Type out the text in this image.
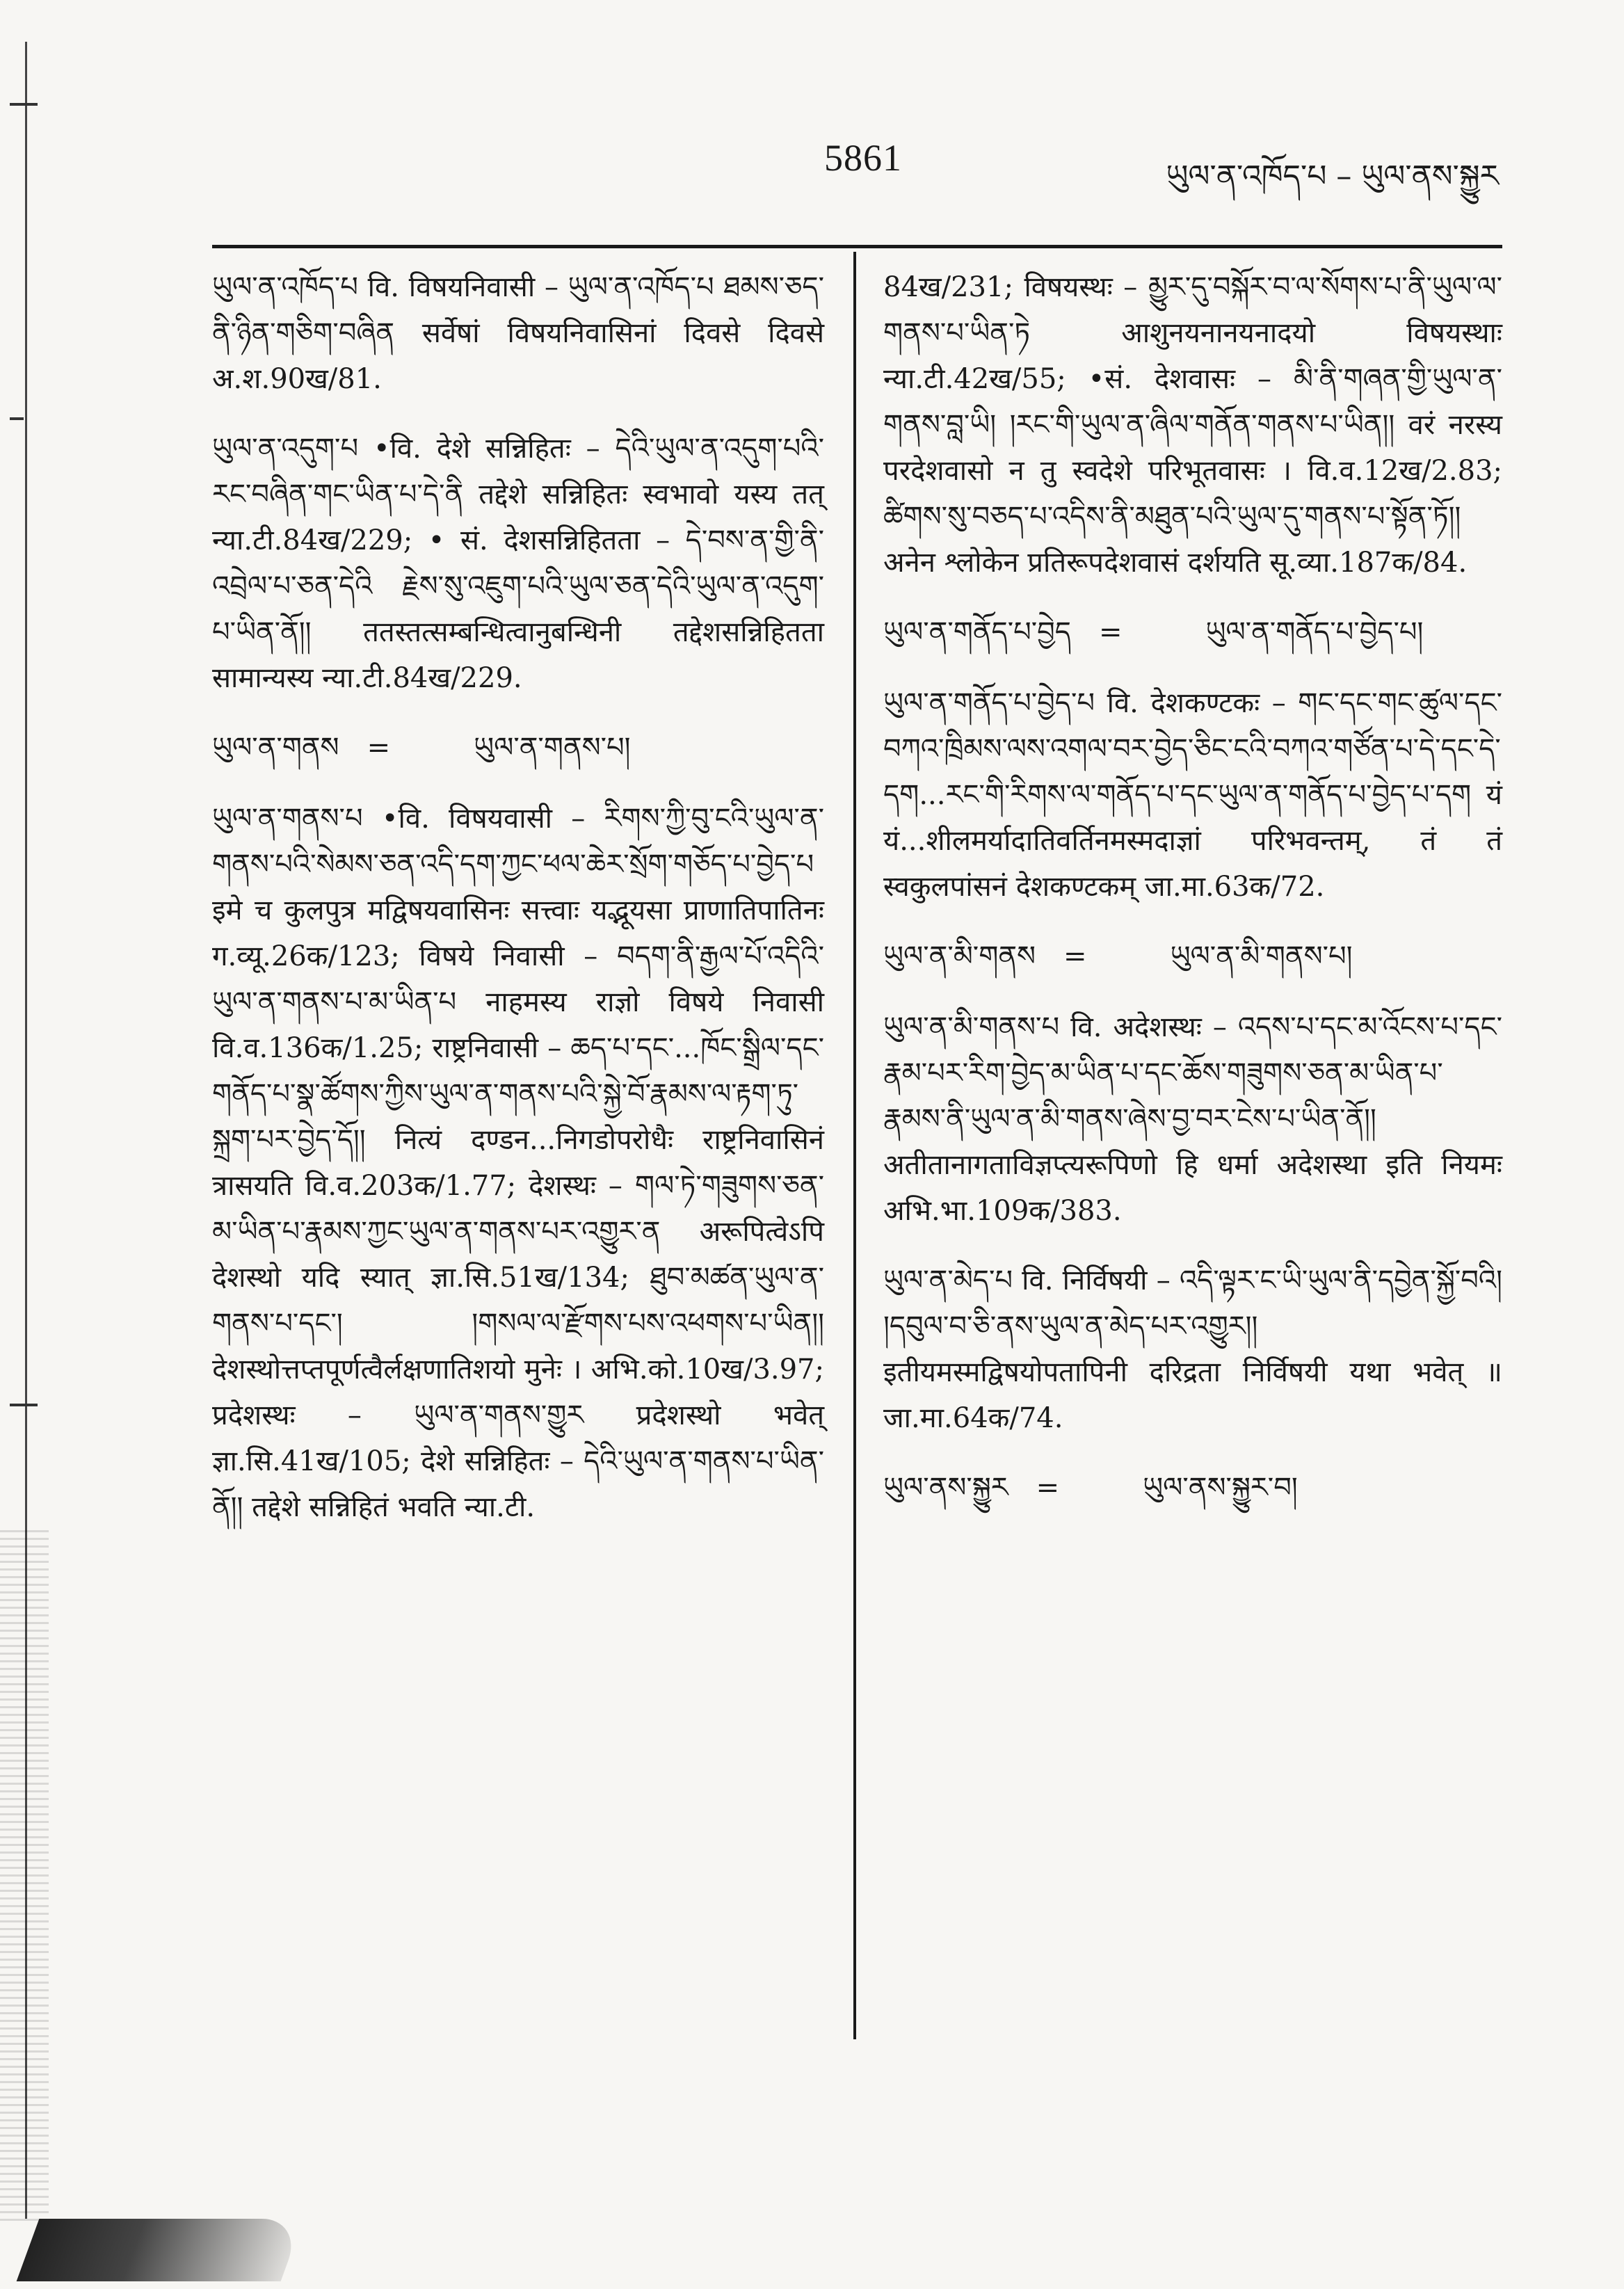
5861	ཡུལ་ན་འཁོད་པ – ཡུལ་ནས་སྐྱུར
ཡུལ་ན་འཁོད་པ वि. विषयनिवासी – ཡུལ་ན་འཁོད་པ ཐམས་ཅད་ནི་ཉིན་གཅིག་བཞིན सर्वेषां विषयनिवासिनां दिवसे दिवसे अ.श.90ख/81.
ཡུལ་ན་འདུག་པ •वि. देशे सन्निहितः – དེའི་ཡུལ་ན་འདུག་པའི་རང་བཞིན་གང་ཡིན་པ་དེ་ནི तद्देशे सन्निहितः स्वभावो यस्य तत् न्या.टी.84ख/229; • सं. देशसन्निहितता – དེ་བས་ན་གྱི་ནི་འབྲེལ་པ་ཅན་དེའི རྗེས་སུ་འཇུག་པའི་ཡུལ་ཅན་དེའི་ཡུལ་ན་འདུག་པ་ཡིན་ནོ།། ततस्तत्सम्बन्धित्वानुबन्धिनी तद्देशसन्निहितता सामान्यस्य न्या.टी.84ख/229.
ཡུལ་ན་གནས =	ཡུལ་ན་གནས་པ།
ཡུལ་ན་གནས་པ •वि. विषयवासी – རིགས་ཀྱི་བུ་ངའི་ཡུལ་ན་གནས་པའི་སེམས་ཅན་འདི་དག་ཀྱང་ཕལ་ཆེར་སྲོག་གཅོད་པ་བྱེད་པ इमे च कुलपुत्र मद्विषयवासिनः सत्त्वाः यद्भूयसा प्राणातिपातिनः ग.व्यू.26क/123; विषये निवासी – བདག་ནི་རྒྱལ་པོ་འདིའི་ཡུལ་ན་གནས་པ་མ་ཡིན་པ नाहमस्य राज्ञो विषये निवासी वि.व.136क/1.25; राष्ट्रनिवासी – ཆད་པ་དང་...ཁོང་སྒྲིལ་དང་གནོད་པ་སྣ་ཚོགས་ཀྱིས་ཡུལ་ན་གནས་པའི་སྐྱེ་བོ་རྣམས་ལ་རྟག་ཏུ་སྐྲག་པར་བྱེད་དོ།། नित्यं दण्डन...निगडोपरोधैः राष्ट्रनिवासिनं त्रासयति वि.व.203क/1.77; देशस्थः – གལ་ཏེ་གཟུགས་ཅན་མ་ཡིན་པ་རྣམས་ཀྱང་ཡུལ་ན་གནས་པར་འགྱུར་ན अरूपित्वेऽपि देशस्थो यदि स्यात् ज्ञा.सि.51ख/134; ཐུབ་མཚན་ཡུལ་ན་གནས་པ་དང་། །གསལ་ལ་རྫོགས་པས་འཕགས་པ་ཡིན།། देशस्थोत्तप्तपूर्णत्वैर्लक्षणातिशयो मुनेः । अभि.को.10ख/3.97; प्रदेशस्थः – ཡུལ་ན་གནས་གྱུར प्रदेशस्थो भवेत् ज्ञा.सि.41ख/105; देशे सन्निहितः – དེའི་ཡུལ་ན་གནས་པ་ཡིན་ནོ།། तद्देशे सन्निहितं भवति न्या.टी.
84ख/231; विषयस्थः – མྱུར་དུ་བསྐོར་བ་ལ་སོགས་པ་ནི་ཡུལ་ལ་གནས་པ་ཡིན་ཏེ आशुनयनानयनादयो विषयस्थाः न्या.टी.42ख/55; •सं. देशवासः – མི་ནི་གཞན་གྱི་ཡུལ་ན་གནས་བླ་ཡི། །རང་གི་ཡུལ་ན་ཞིལ་གནོན་གནས་པ་ཡིན།། वरं नरस्य परदेशवासो न तु स्वदेशे परिभूतवासः । वि.व.12ख/2.83; ཚིགས་སུ་བཅད་པ་འདིས་ནི་མཐུན་པའི་ཡུལ་དུ་གནས་པ་སྟོན་ཏོ།། अनेन श्लोकेन प्रतिरूपदेशवासं दर्शयति सू.व्या.187क/84.
ཡུལ་ན་གནོད་པ་བྱེད =	ཡུལ་ན་གནོད་པ་བྱེད་པ།
ཡུལ་ན་གནོད་པ་བྱེད་པ वि. देशकण्टकः – གང་དང་གང་ཚུལ་དང་བཀའ་ཁྲིམས་ལས་འགལ་བར་བྱེད་ཅིང་ངའི་བཀའ་གཙོན་པ་དེ་དང་དེ་དག...རང་གི་རིགས་ལ་གནོད་པ་དང་ཡུལ་ན་གནོད་པ་བྱེད་པ་དག यं यं...शीलमर्यादातिवर्तिनमस्मदाज्ञां परिभवन्तम्, तं तं स्वकुलपांसनं देशकण्टकम् जा.मा.63क/72.
ཡུལ་ན་མི་གནས =	ཡུལ་ན་མི་གནས་པ།
ཡུལ་ན་མི་གནས་པ वि. अदेशस्थः – འདས་པ་དང་མ་འོངས་པ་དང་རྣམ་པར་རིག་བྱེད་མ་ཡིན་པ་དང་ཆོས་གཟུགས་ཅན་མ་ཡིན་པ་རྣམས་ནི་ཡུལ་ན་མི་གནས་ཞེས་བྱ་བར་ངེས་པ་ཡིན་ནོ།། अतीतानागताविज्ञप्त्यरूपिणो हि धर्मा अदेशस्था इति नियमः अभि.भा.109क/383.
ཡུལ་ན་མེད་པ वि. निर्विषयी – འདི་ལྟར་ང་ཡི་ཡུལ་ནི་དབྱེན་སྐྱོ་བའི། །དབུལ་བ་ཅི་ནས་ཡུལ་ན་མེད་པར་འགྱུར།། इतीयमस्मद्विषयोपतापिनी दरिद्रता निर्विषयी यथा भवेत् ॥ जा.मा.64क/74.
ཡུལ་ནས་སྐྱུར =	ཡུལ་ནས་སྐྱུར་བ།
